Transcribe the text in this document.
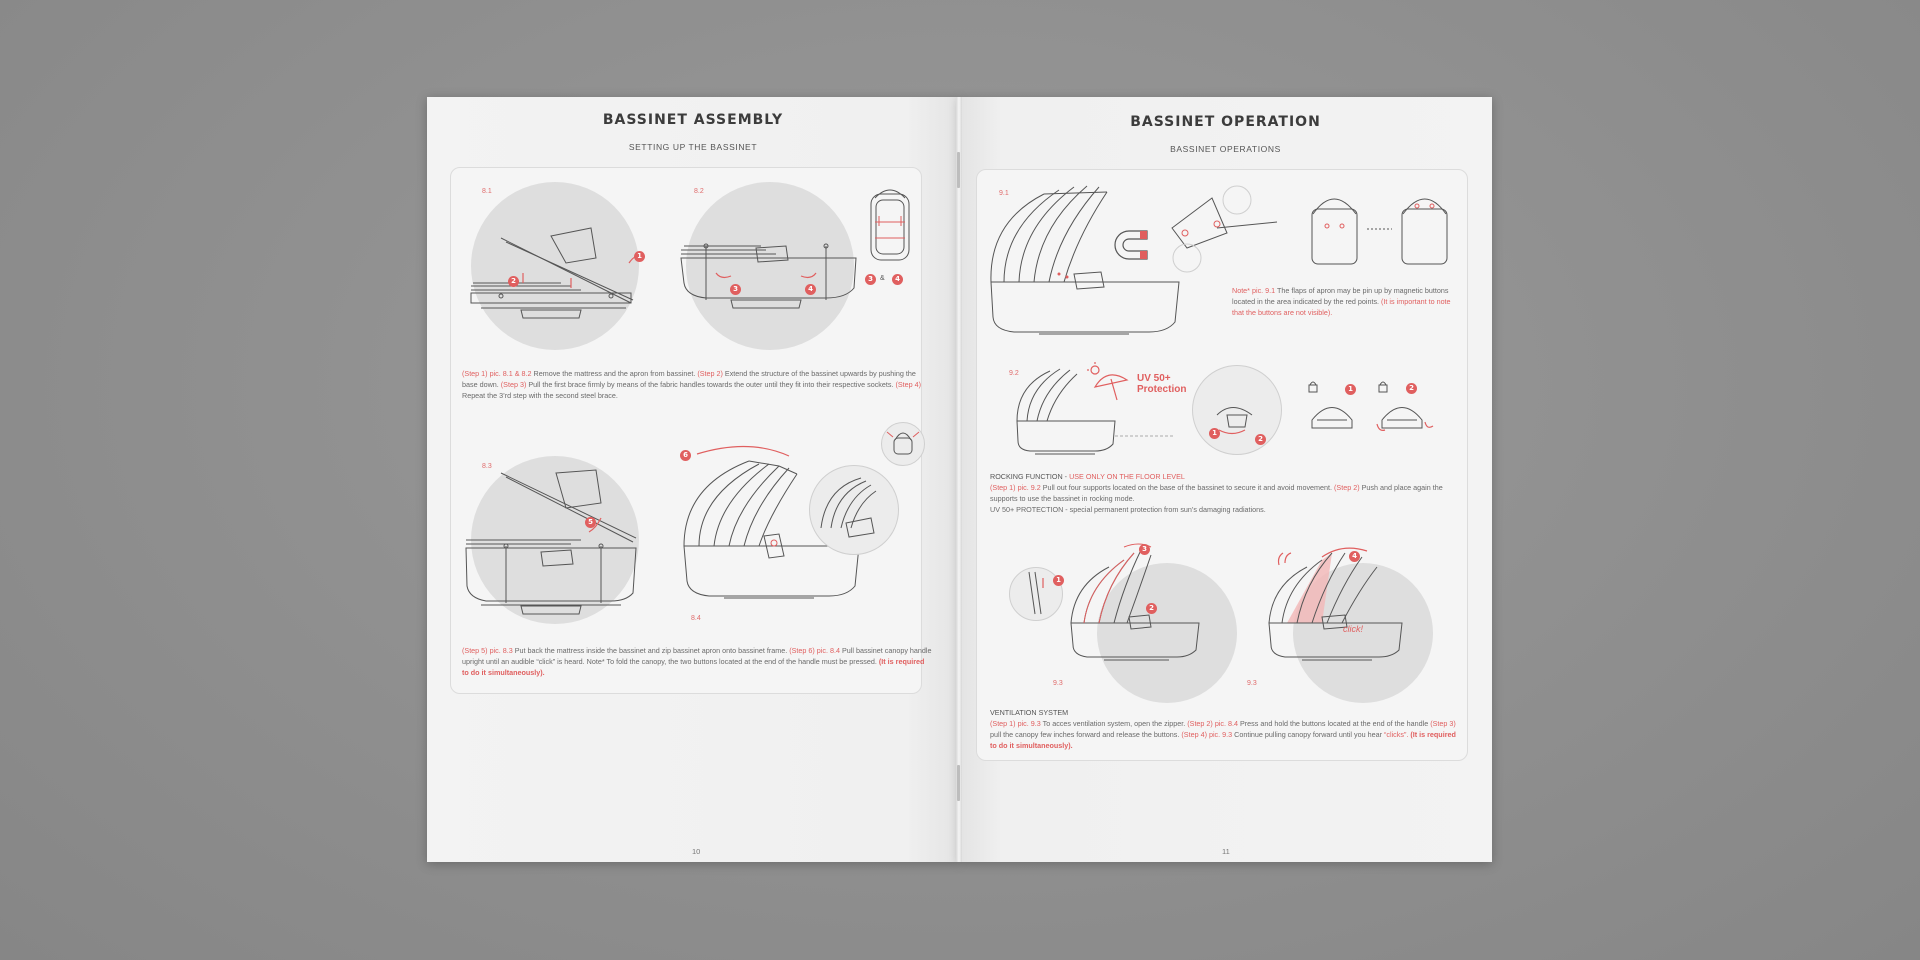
BASSINET ASSEMBLY
SETTING UP THE BASSINET
8.1
2
1
8.2
3	4
3	&	4
(Step 1) pic. 8.1 & 8.2 Remove the mattress and the apron from bassinet. (Step 2) Extend the structure of the bassinet upwards by pushing the base down. (Step 3) Pull the first brace firmly by means of the fabric handles towards the outer until they fit into their respective sockets. (Step 4) Repeat the 3’rd step with the second steel brace.
8.3
5
6
8.4
(Step 5) pic. 8.3 Put back the mattress inside the bassinet and zip bassinet apron onto bassinet frame. (Step 6) pic. 8.4 Pull bassinet canopy handle upright until an audible “click” is heard. Note* To fold the canopy, the two buttons located at the end of the handle must be pressed. (It is required to do it simultaneously).
10
BASSINET OPERATION
BASSINET OPERATIONS
9.1
Note* pic. 9.1 The flaps of apron may be pin up by magnetic buttons located in the area indicated by the red points. (It is important to note that the buttons are not visible).
9.2	UV 50+
Protection
1
2
1	2
ROCKING FUNCTION - USE ONLY ON THE FLOOR LEVEL
(Step 1) pic. 9.2 Pull out four supports located on the base of the bassinet to secure it and avoid movement. (Step 2) Push and place again the supports to use the bassinet in rocking mode.
UV 50+ PROTECTION - special permanent protection from sun’s damaging radiations.
1
3
2
9.3
4
click!
9.3
VENTILATION SYSTEM
(Step 1) pic. 9.3 To acces ventilation system, open the zipper. (Step 2) pic. 8.4 Press and hold the buttons located at the end of the handle (Step 3) pull the canopy few inches forward and release the buttons. (Step 4) pic. 9.3 Continue pulling canopy forward until you hear “clicks”. (It is required to do it simultaneously).
11
